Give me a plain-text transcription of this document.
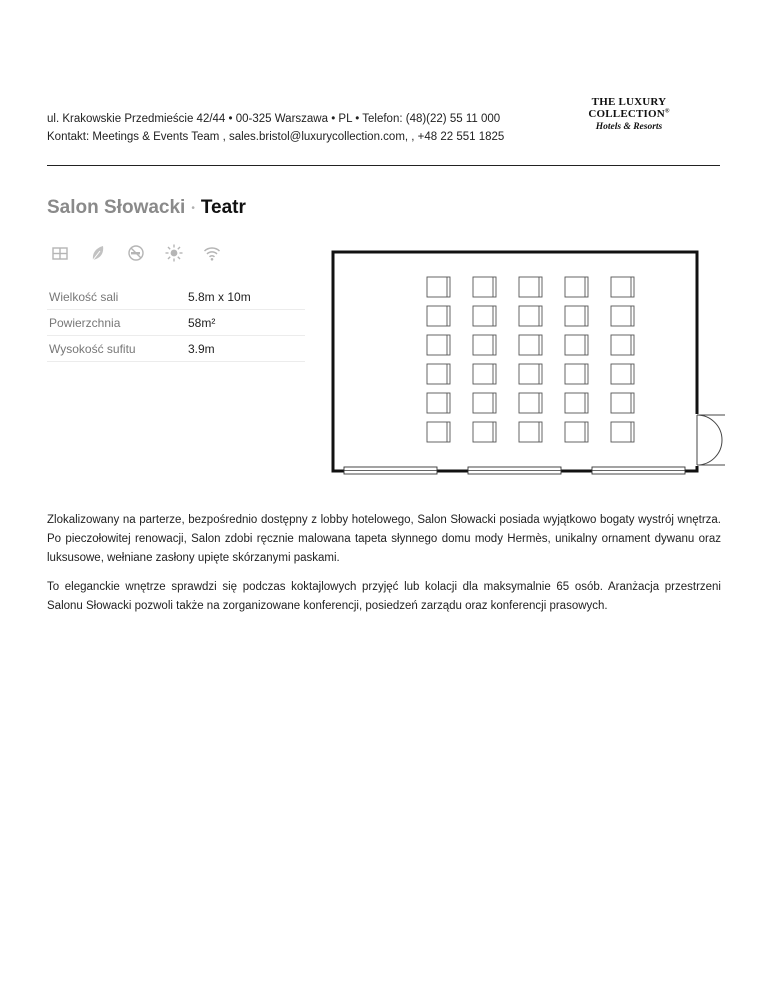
ul. Krakowskie Przedmieście 42/44 • 00-325 Warszawa • PL • Telefon: (48)(22) 55 11 000
Kontakt: Meetings & Events Team , sales.bristol@luxurycollection.com, , +48 22 551 1825
THE LUXURY COLLECTION®
Hotels & Resorts
Salon Słowacki • Teatr
Wielkość sali	5.8m x 10m
Powierzchnia	58m²
Wysokość sufitu	3.9m

Zlokalizowany na parterze, bezpośrednio dostępny z lobby hotelowego, Salon Słowacki posiada wyjątkowo bogaty wystrój wnętrza. Po pieczołowitej renowacji, Salon zdobi ręcznie malowana tapeta słynnego domu mody Hermès, unikalny ornament dywanu oraz luksusowe, wełniane zasłony upięte skórzanymi paskami.

To eleganckie wnętrze sprawdzi się podczas koktajlowych przyjęć lub kolacji dla maksymalnie 65 osób. Aranżacja przestrzeni Salonu Słowacki pozwoli także na zorganizowane konferencji, posiedzeń zarządu oraz konferencji prasowych.
